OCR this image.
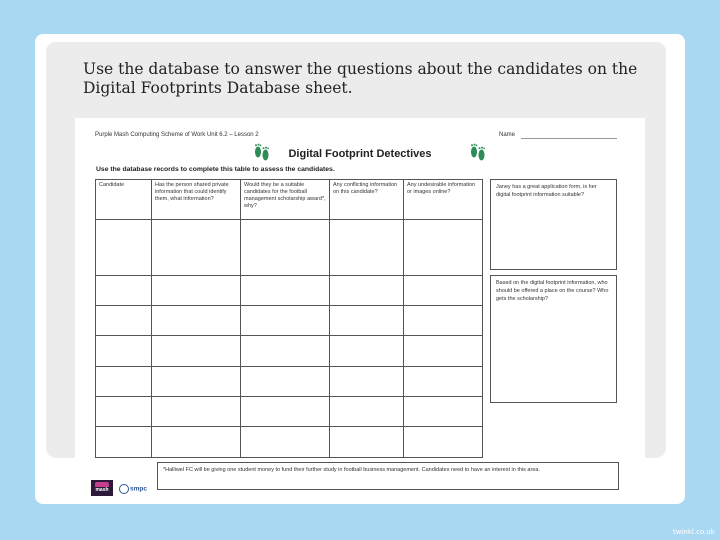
Use the database to answer the questions about the candidates on the Digital Footprints Database sheet.

Purple Mash Computing Scheme of Work Unit 6.2 – Lesson 2	Name
Digital Footprint Detectives
Use the database records to complete this table to assess the candidates.
Candidate	Has the person shared private information that could identify them, what information?	Would they be a suitable candidates for the football management scholarship award*, why?	Any conflicting information on this candidate?	Any undesirable information or images online?

Janey has a great application form, is her digital footprint information suitable?
Based on the digital footprint information, who should be offered a place on the course? Who gets the scholarship?
*Halliwel FC will be giving one student money to fund their further study in football business management. Candidates need to have an interest in this area.
mash	smpc
twinkl.co.uk
